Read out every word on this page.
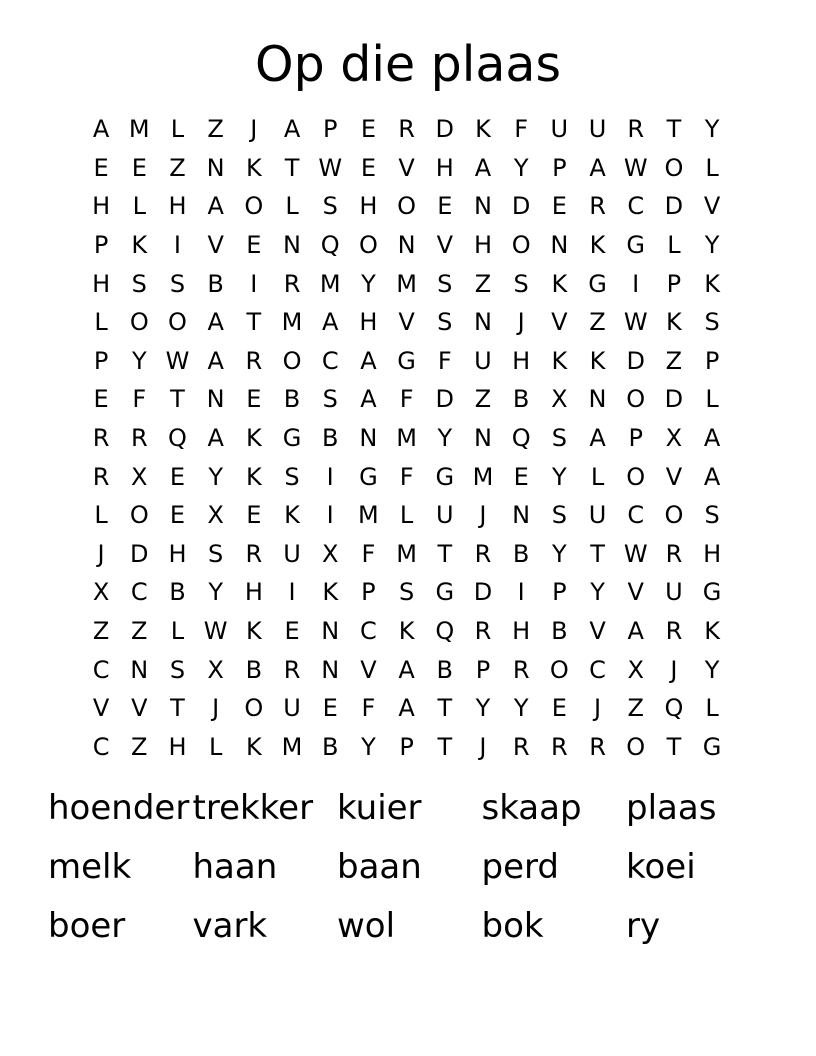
Op die plaas
A M L Z	J	A P E R D K F U U R T Y
E E Z N K T W E V H A Y P A W O L
H L H A O L S H O E N D E R C D V
P K	I	V E N Q O N V H O N K G L	Y
H S S B	I	R M Y M S Z S K G	I	P K
L O O A T M A H V S N	J	V Z W K S
P Y W A R O C A G F U H K K D Z P
E F T N E B S A F D Z B X N O D L
R R Q A K G B N M Y N Q S A P X A
R X E Y K S	I	G F G M E Y	L O V A
L O E X E K	I	M L U	J	N S U C O S
J	D H S R U X F M T R B Y T W R H
X C B Y H	I	K P S G D	I	P Y V U G
Z Z L W K E N C K Q R H B V A R K
C N S X B R N V A B P R O C X	J	Y
V V T	J	O U E F A T Y Y E	J	Z Q L
C Z H L K M B Y P T	J	R R R O T G
hoender trekker kuier	skaap	plaas
melk	haan	baan	perd	koei
boer	vark	wol	bok	ry
